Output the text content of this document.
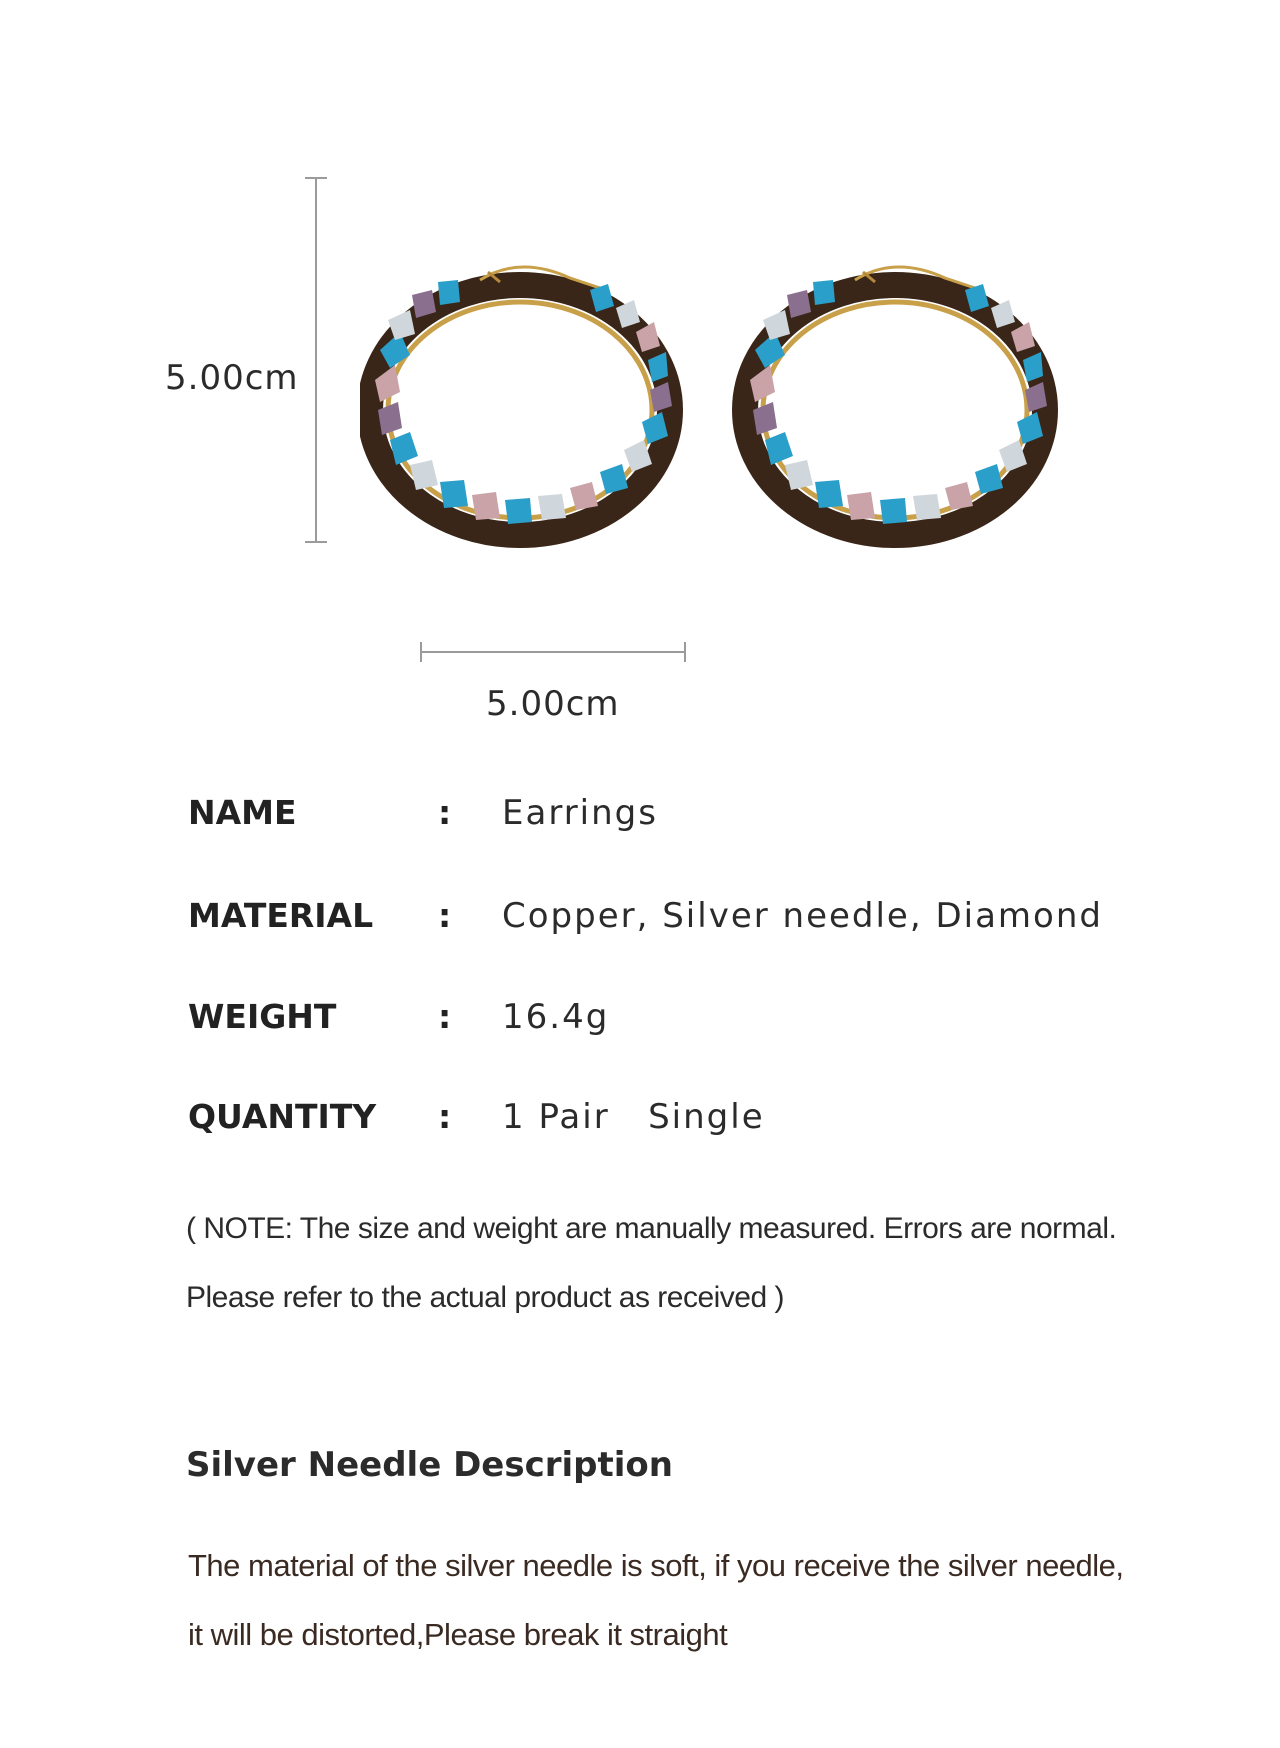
5.00cm
5.00cm
NAME	: Earrings
MATERIAL : Copper, Silver needle, Diamond
WEIGHT	: 16.4g
QUANTITY : 1 Pair   Single
( NOTE: The size and weight are manually measured. Errors are normal.
Please refer to the actual product as received )
Silver Needle Description
The material of the silver needle is soft, if you receive the silver needle,
it will be distorted,Please break it straight
